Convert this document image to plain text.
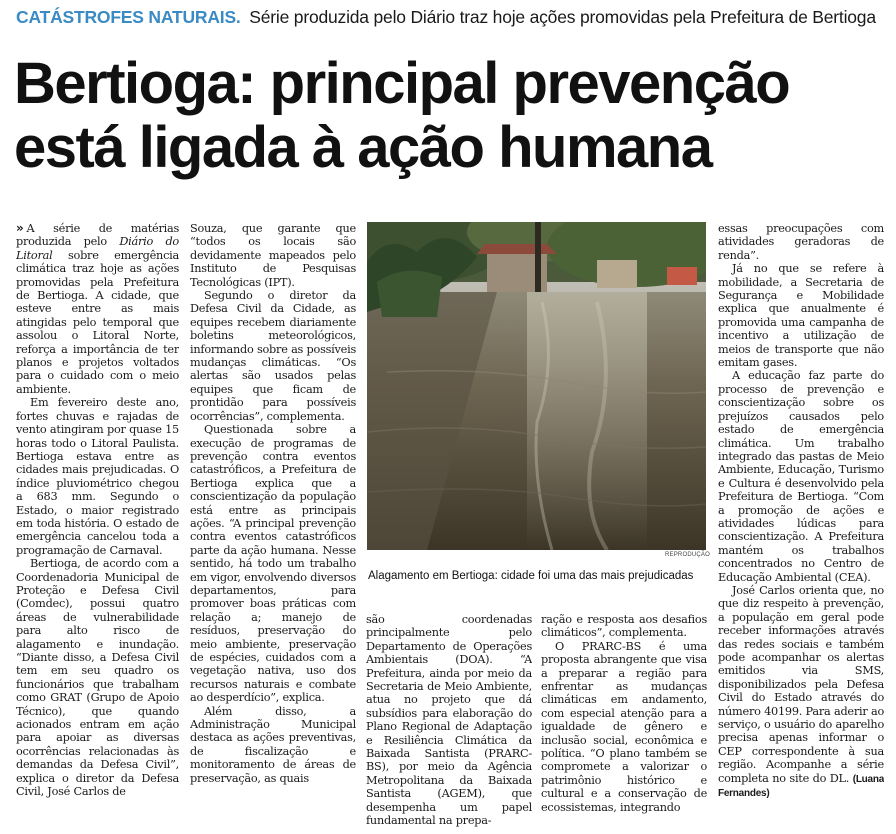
CATÁSTROFES NATURAIS. Série produzida pelo Diário traz hoje ações promovidas pela Prefeitura de Bertioga
Bertioga: principal prevenção
está ligada à ação humana

» A série de matérias produzida pelo Diário do Litoral sobre emergência climática traz hoje as ações promovidas pela Prefeitura de Bertioga. A cidade, que esteve entre as mais atingidas pelo temporal que assolou o Litoral Norte, reforça a importância de ter planos e projetos voltados para o cuidado com o meio ambiente.

Em fevereiro deste ano, fortes chuvas e rajadas de vento atingiram por quase 15 horas todo o Litoral Paulista. Bertioga estava entre as cidades mais prejudicadas. O índice pluviométrico chegou a 683 mm. Segundo o Estado, o maior registrado em toda história. O estado de emergência cancelou toda a programação de Carnaval.

Bertioga, de acordo com a Coordenadoria Municipal de Proteção e Defesa Civil (Comdec), possui quatro áreas de vulnerabilidade para alto risco de alagamento e inundação. “Diante disso, a Defesa Civil tem em seu quadro os funcionários que trabalham como GRAT (Grupo de Apoio Técnico), que quando acionados entram em ação para apoiar as diversas ocorrências relacionadas às demandas da Defesa Civil”, explica o diretor da Defesa Civil, José Carlos de

Souza, que garante que “todos os locais são devidamente mapeados pelo Instituto de Pesquisas Tecnológicas (IPT).

Segundo o diretor da Defesa Civil da Cidade, as equipes recebem diariamente boletins meteorológicos, informando sobre as possíveis mudanças climáticas. “Os alertas são usados pelas equipes que ficam de prontidão para possíveis ocorrências”, complementa.

Questionada sobre a execução de programas de prevenção contra eventos catastróficos, a Prefeitura de Bertioga explica que a conscientização da população está entre as principais ações. “A principal prevenção contra eventos catastróficos parte da ação humana. Nesse sentido, há todo um trabalho em vigor, envolvendo diversos departamentos, para promover boas práticas com relação a; manejo de resíduos, preservação do meio ambiente, preservação de espécies, cuidados com a vegetação nativa, uso dos recursos naturais e combate ao desperdício”, explica.

Além disso, a Administração Municipal destaca as ações preventivas, de fiscalização e monitoramento de áreas de preservação, as quais

REPRODUÇÃO
Alagamento em Bertioga: cidade foi uma das mais prejudicadas

são coordenadas principalmente pelo Departamento de Operações Ambientais (DOA). “A Prefeitura, ainda por meio da Secretaria de Meio Ambiente, atua no projeto que dá subsídios para elaboração do Plano Regional de Adaptação e Resiliência Climática da Baixada Santista (PRARC-BS), por meio da Agência Metropolitana da Baixada Santista (AGEM), que desempenha um papel fundamental na prepa-

ração e resposta aos desafios climáticos”, complementa.

O PRARC-BS é uma proposta abrangente que visa a preparar a região para enfrentar as mudanças climáticas em andamento, com especial atenção para a igualdade de gênero e inclusão social, econômica e política. “O plano também se compromete a valorizar o patrimônio histórico e cultural e a conservação de ecossistemas, integrando

essas preocupações com atividades geradoras de renda”.

Já no que se refere à mobilidade, a Secretaria de Segurança e Mobilidade explica que anualmente é promovida uma campanha de incentivo a utilização de meios de transporte que não emitam gases.

A educação faz parte do processo de prevenção e conscientização sobre os prejuízos causados pelo estado de emergência climática. Um trabalho integrado das pastas de Meio Ambiente, Educação, Turismo e Cultura é desenvolvido pela Prefeitura de Bertioga. “Com a promoção de ações e atividades lúdicas para conscientização. A Prefeitura mantém os trabalhos concentrados no Centro de Educação Ambiental (CEA).

José Carlos orienta que, no que diz respeito à prevenção, a população em geral pode receber informações através das redes sociais e também pode acompanhar os alertas emitidos via SMS, disponibilizados pela Defesa Civil do Estado através do número 40199. Para aderir ao serviço, o usuário do aparelho precisa apenas informar o CEP correspondente à sua região. Acompanhe a série completa no site do DL. (Luana Fernandes)
